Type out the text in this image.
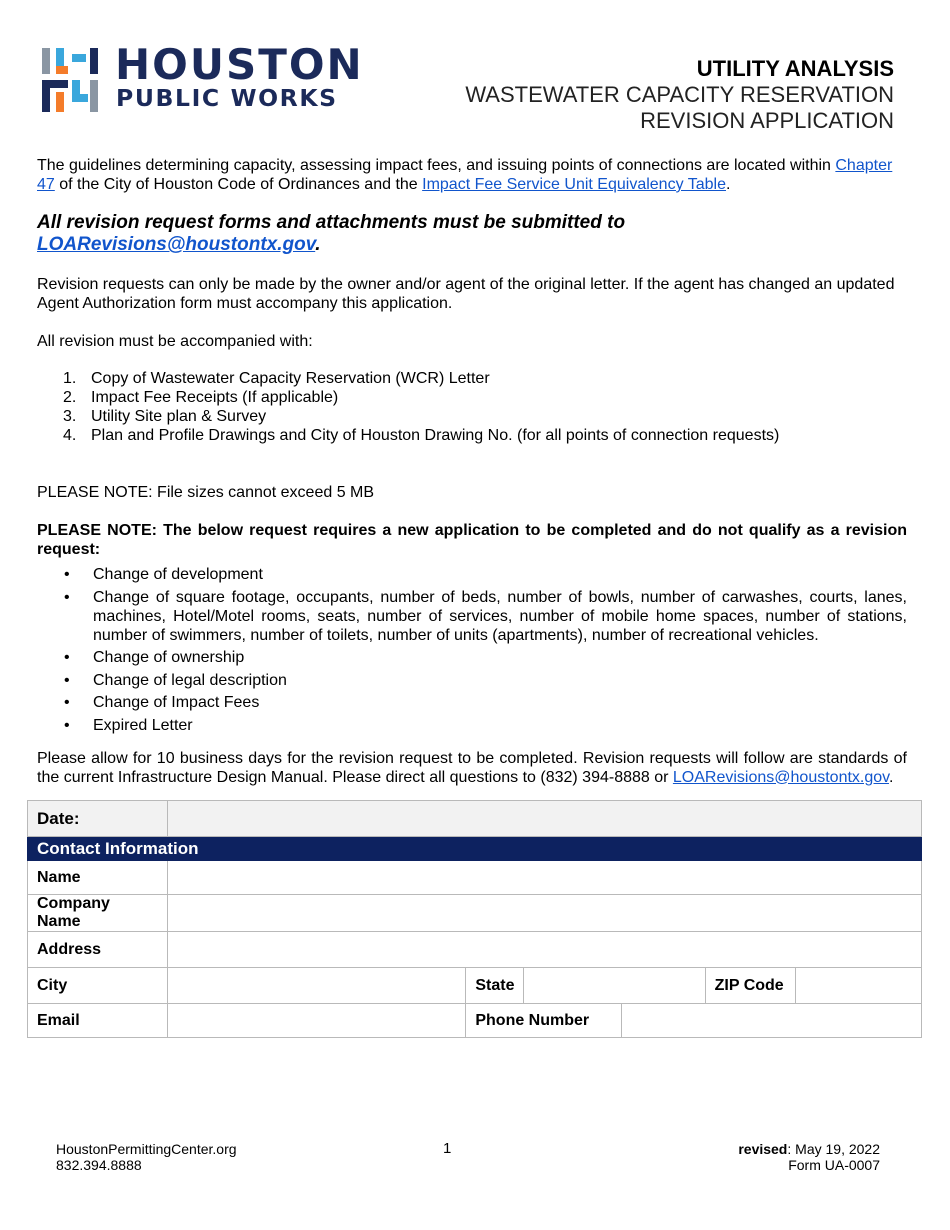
HOUSTON
PUBLIC WORKS
UTILITY ANALYSIS
WASTEWATER CAPACITY RESERVATION
REVISION APPLICATION

The guidelines determining capacity, assessing impact fees, and issuing points of connections are located within Chapter 47 of the City of Houston Code of Ordinances and the Impact Fee Service Unit Equivalency Table.

All revision request forms and attachments must be submitted to LOARevisions@houstontx.gov.

Revision requests can only be made by the owner and/or agent of the original letter. If the agent has changed an updated Agent Authorization form must accompany this application.

All revision must be accompanied with:

1. Copy of Wastewater Capacity Reservation (WCR) Letter
2. Impact Fee Receipts (If applicable)
3. Utility Site plan & Survey
4. Plan and Profile Drawings and City of Houston Drawing No. (for all points of connection requests)

PLEASE NOTE: File sizes cannot exceed 5 MB

PLEASE NOTE: The below request requires a new application to be completed and do not qualify as a revision request:

•	Change of development
•	Change of square footage, occupants, number of beds, number of bowls, number of carwashes, courts, lanes, machines, Hotel/Motel rooms, seats, number of services, number of mobile home spaces, number of stations, number of swimmers, number of toilets, number of units (apartments), number of recreational vehicles.
•	Change of ownership
•	Change of legal description
•	Change of Impact Fees
•	Expired Letter

Please allow for 10 business days for the revision request to be completed. Revision requests will follow are standards of the current Infrastructure Design Manual. Please direct all questions to (832) 394-8888 or LOARevisions@houstontx.gov.

Date:						
Contact Information						
Name						
Company Name						
Address						
City		State			ZIP Code	
Email		Phone Number				
HoustonPermittingCenter.org
832.394.8888
1	revised: May 19, 2022
Form UA-0007
